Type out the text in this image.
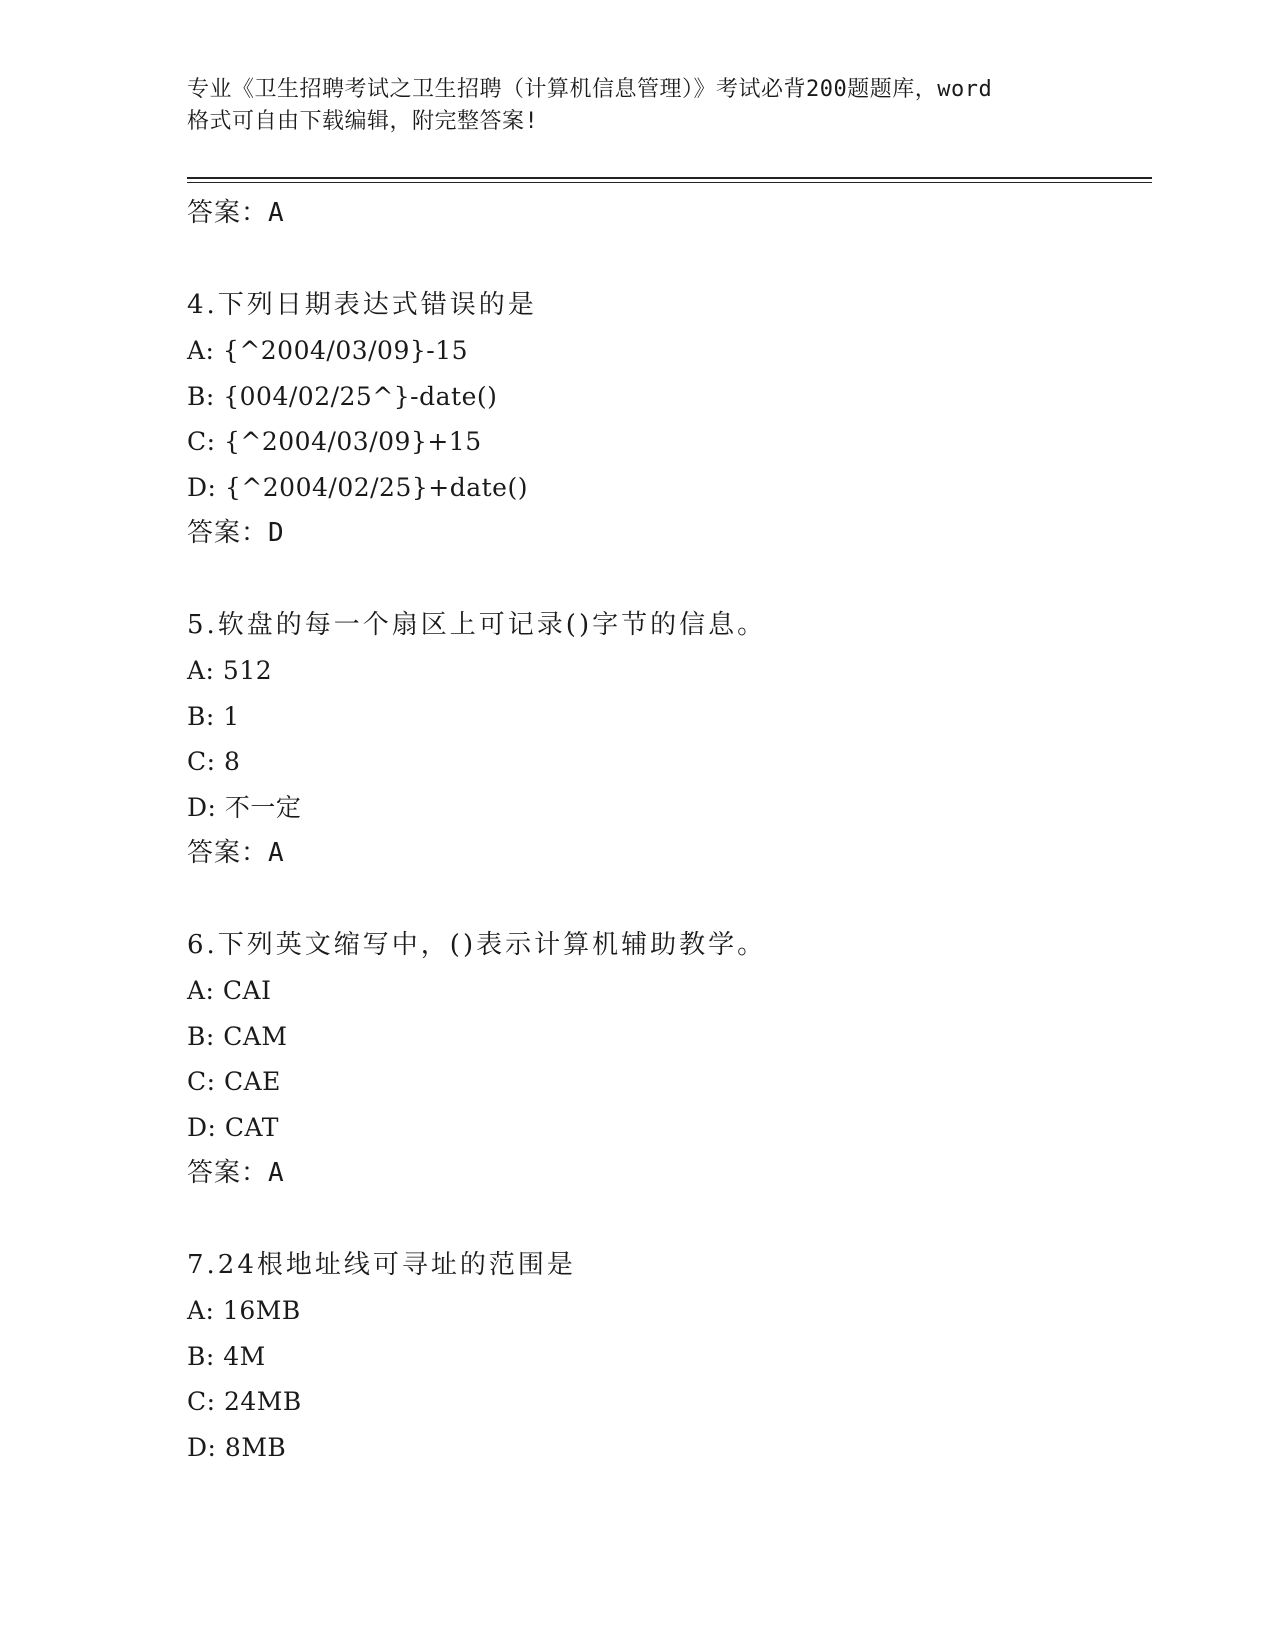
专业《卫生招聘考试之卫生招聘（计算机信息管理）》考试必背200题题库，word
格式可自由下载编辑，附完整答案!
答案：A
4.下列日期表达式错误的是
A: {^2004/03/09}-15
B: {004/02/25^}-date()
C: {^2004/03/09}+15
D: {^2004/02/25}+date()
答案：D
5.软盘的每一个扇区上可记录()字节的信息。
A: 512
B: 1
C: 8
D: 不一定
答案：A
6.下列英文缩写中，()表示计算机辅助教学。
A: CAI
B: CAM
C: CAE
D: CAT
答案：A
7.24根地址线可寻址的范围是
A: 16MB
B: 4M
C: 24MB
D: 8MB
